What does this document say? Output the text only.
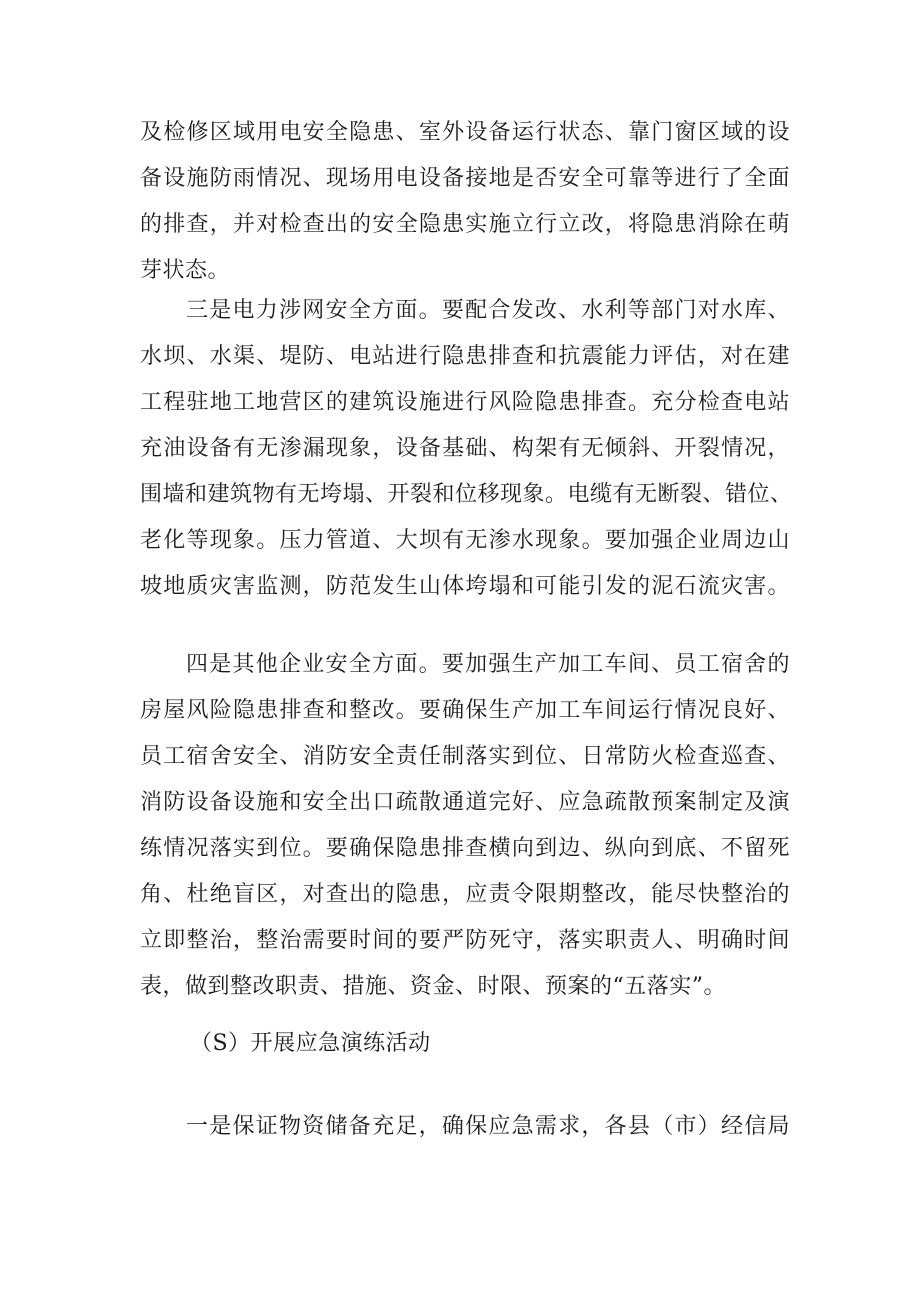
及检修区域用电安全隐患、室外设备运行状态、靠门窗区域的设
备设施防雨情况、现场用电设备接地是否安全可靠等进行了全面
的排查，并对检查出的安全隐患实施立行立改，将隐患消除在萌
芽状态。
三是电力涉网安全方面。要配合发改、水利等部门对水库、
水坝、水渠、堤防、电站进行隐患排查和抗震能力评估，对在建
工程驻地工地营区的建筑设施进行风险隐患排查。充分检查电站
充油设备有无渗漏现象，设备基础、构架有无倾斜、开裂情况，
围墙和建筑物有无垮塌、开裂和位移现象。电缆有无断裂、错位、
老化等现象。压力管道、大坝有无渗水现象。要加强企业周边山
坡地质灾害监测，防范发生山体垮塌和可能引发的泥石流灾害。
四是其他企业安全方面。要加强生产加工车间、员工宿舍的
房屋风险隐患排查和整改。要确保生产加工车间运行情况良好、
员工宿舍安全、消防安全责任制落实到位、日常防火检查巡查、
消防设备设施和安全出口疏散通道完好、应急疏散预案制定及演
练情况落实到位。要确保隐患排查横向到边、纵向到底、不留死
角、杜绝盲区，对查出的隐患，应责令限期整改，能尽快整治的
立即整治，整治需要时间的要严防死守，落实职责人、明确时间
表，做到整改职责、措施、资金、时限、预案的“五落实”。
（S）开展应急演练活动
一是保证物资储备充足，确保应急需求，各县（市）经信局
